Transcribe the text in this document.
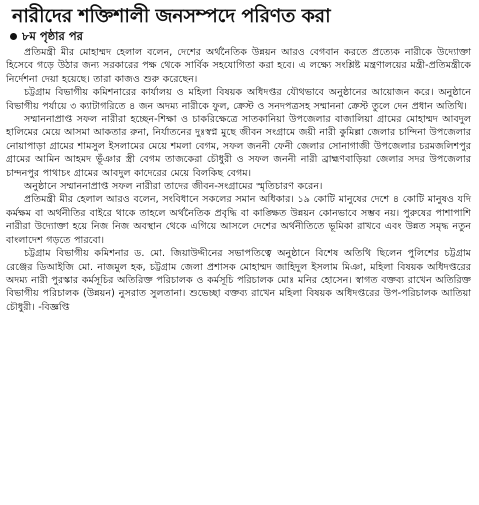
নারীদের শক্তিশালী জনসম্পদে পরিণত করা
৮ম পৃষ্ঠার পর

প্রতিমন্ত্রী মীর মোহাম্মদ হেলাল বলেন, দেশের অর্থনৈতিক উন্নয়ন আরও বেগবান করতে প্রত্যেক নারীকে উদ্যোক্তা হিসেবে গড়ে উঠার জন্য সরকারের পক্ষ থেকে সার্বিক সহযোগিতা করা হবে। এ লক্ষ্যে সংশ্লিষ্ট মন্ত্রণালয়ের মন্ত্রী-প্রতিমন্ত্রীকে নির্দেশনা দেয়া হয়েছে। তারা কাজও শুরু করেছেন।

চট্টগ্রাম বিভাগীয় কমিশনারের কার্যালয় ও মহিলা বিষয়ক অধিদপ্তর যৌথভাবে অনুষ্ঠানের আয়োজন করে। অনুষ্ঠানে বিভাগীয় পর্যায়ে ৩ ক্যাটাগরিতে ৪ জন অদম্য নারীকে ফুল, ক্রেস্ট ও সনদপত্রসহ সম্মাননা ক্রেস্ট তুলে দেন প্রধান অতিথি।

সম্মাননাপ্রাপ্ত সফল নারীরা হচ্ছেন-শিক্ষা ও চাকরিক্ষেত্রে সাতকানিয়া উপজেলার বাজালিয়া গ্রামের মোহাম্মদ আবদুল হালিমের মেয়ে আসমা আকতার রুনা, নির্যাতনের দুঃস্বপ্ন মুছে জীবন সংগ্রামে জয়ী নারী কুমিল্লা জেলার চান্দিনা উপজেলার নোয়াপাড়া গ্রামের শামসুল ইসলামের মেয়ে শমলা বেগম, সফল জননী ফেনী জেলার সোনাগাজী উপজেলার চরমজলিশপুর গ্রামের আমিন আহমদ ভূঁঞার স্ত্রী বেগম তাজকেরা চৌধুরী ও সফল জননী নারী ব্রাহ্মণবাড়িয়া জেলার সদর উপজেলার চান্দনপুর পাথাচং গ্রামের আবদুল কাদেরের মেয়ে বিলকিছ বেগম।

অনুষ্ঠানে সম্মাননাপ্রাপ্ত সফল নারীরা তাদের জীবন-সংগ্রামের স্মৃতিচারণ করেন।

প্রতিমন্ত্রী মীর হেলাল আরও বলেন, সংবিধানে সকলের সমান অধিকার। ১৯ কোটি মানুষের দেশে ৪ কোটি মানুষও যদি কর্মক্ষম বা অর্থনীতির বাইরে থাকে তাহলে অর্থনৈতিক প্রবৃদ্ধি বা কাঙ্ক্ষিত উন্নয়ন কোনভাবে সম্ভব নয়। পুরুষের পাশাপাশি নারীরা উদ্যোক্তা হয়ে নিজ নিজ অবস্থান থেকে এগিয়ে আসলে দেশের অর্থনীতিতে ভূমিকা রাখবে এবং উন্নত সমৃদ্ধ নতুন বাংলাদেশ গড়তে পারবো।

চট্টগ্রাম বিভাগীয় কমিশনার ড. মো. জিয়াউদ্দীনের সভাপতিত্বে অনুষ্ঠানে বিশেষ অতিথি ছিলেন পুলিশের চট্টগ্রাম রেঞ্জের ডিআইজি মো. নাজমুল হক, চট্টগ্রাম জেলা প্রশাসক মোহাম্মদ জাহিদুল ইসলাম মিঞা, মহিলা বিষয়ক অধিদপ্তরের অদম্য নারী পুরস্কার কর্মসূচির অতিরিক্ত পরিচালক ও কর্মসূচি পরিচালক মোঃ মনির হোসেন। স্বাগত বক্তব্য রাখেন অতিরিক্ত বিভাগীয় পরিচালক (উন্নয়ন) নুসরাত সুলতানা। শুভেচ্ছা বক্তব্য রাখেন মহিলা বিষয়ক অধিদপ্তরের উপ-পরিচালক আতিয়া চৌধুরী। -বিজ্ঞপ্তি
